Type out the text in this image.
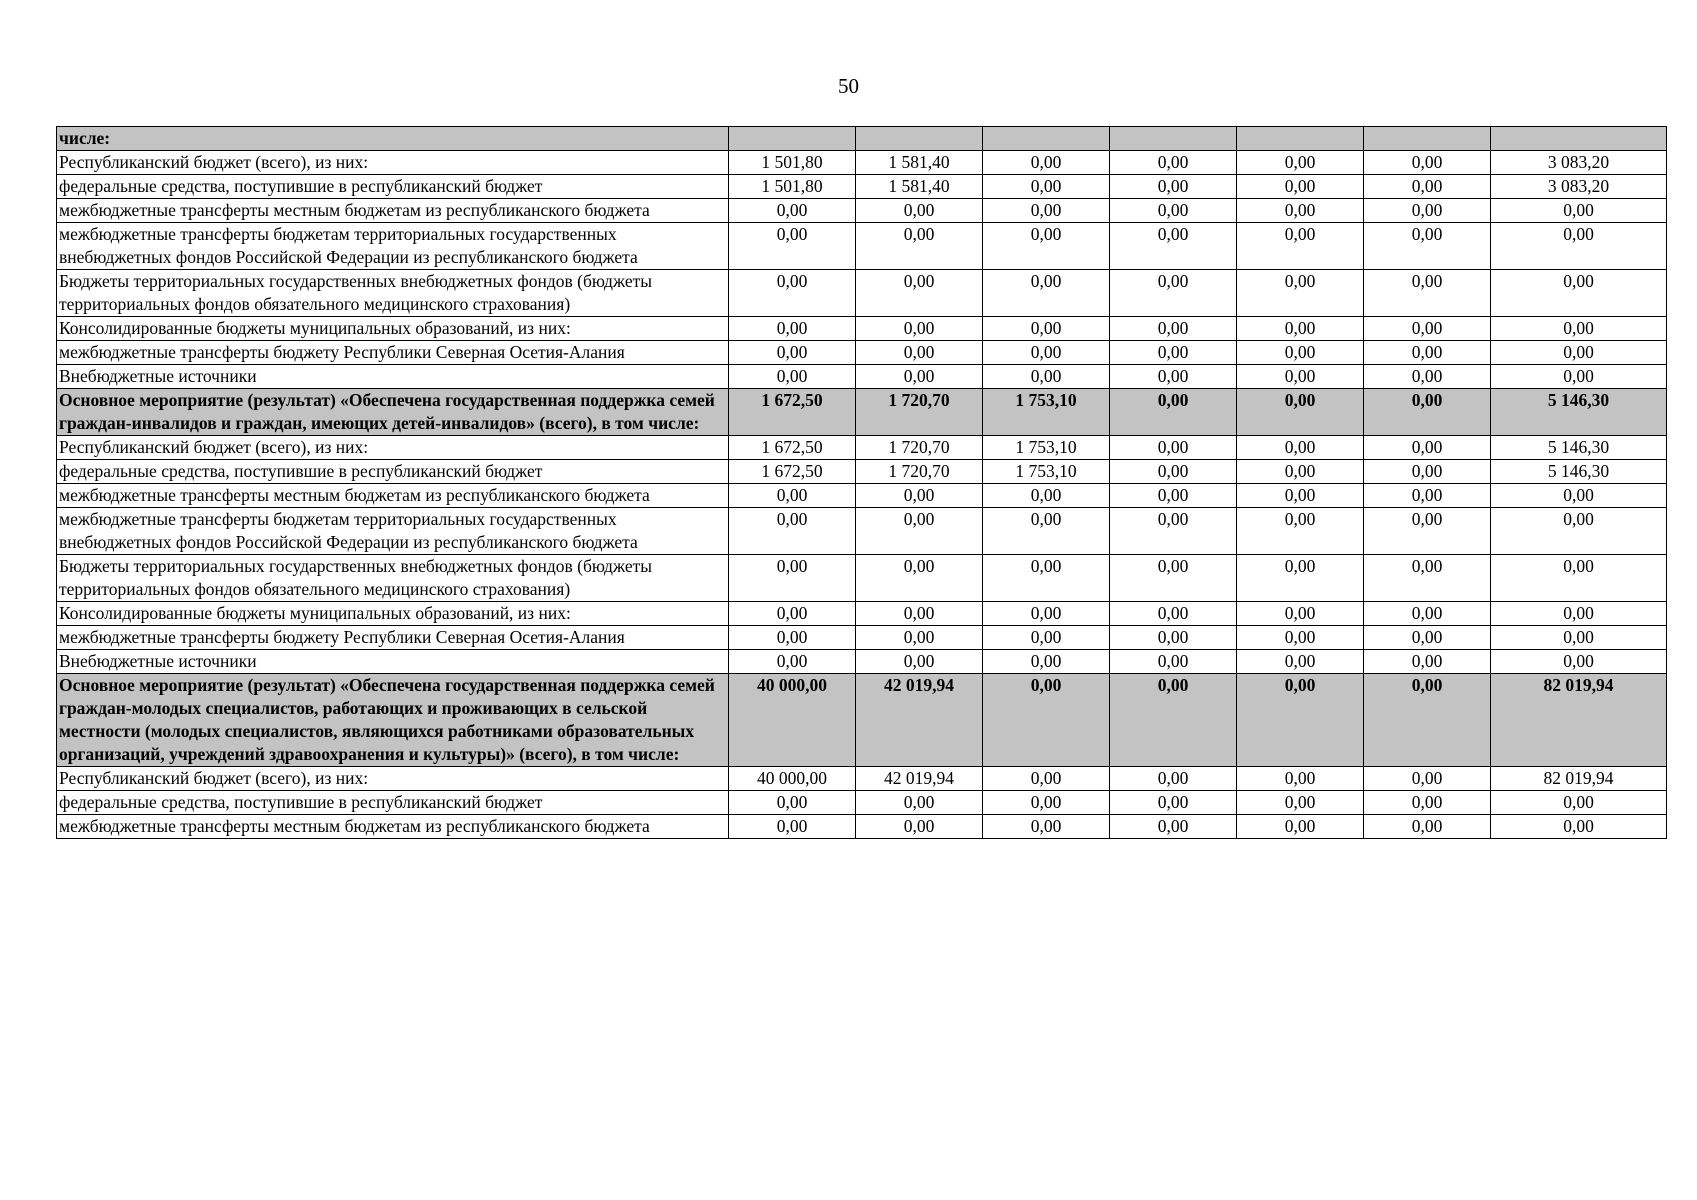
50
числе:							
Республиканский бюджет (всего), из них:	1 501,80	1 581,40	0,00	0,00	0,00	0,00	3 083,20
федеральные средства, поступившие в республиканский бюджет	1 501,80	1 581,40	0,00	0,00	0,00	0,00	3 083,20
межбюджетные трансферты местным бюджетам из республиканского бюджета	0,00	0,00	0,00	0,00	0,00	0,00	0,00
межбюджетные трансферты бюджетам территориальных государственных внебюджетных фондов Российской Федерации из республиканского бюджета	0,00	0,00	0,00	0,00	0,00	0,00	0,00
Бюджеты территориальных государственных внебюджетных фондов (бюджеты территориальных фондов обязательного медицинского страхования)	0,00	0,00	0,00	0,00	0,00	0,00	0,00
Консолидированные бюджеты муниципальных образований, из них:	0,00	0,00	0,00	0,00	0,00	0,00	0,00
межбюджетные трансферты бюджету Республики Северная Осетия-Алания	0,00	0,00	0,00	0,00	0,00	0,00	0,00
Внебюджетные источники	0,00	0,00	0,00	0,00	0,00	0,00	0,00
Основное мероприятие (результат) «Обеспечена государственная поддержка семей граждан-инвалидов и граждан, имеющих детей-инвалидов» (всего), в том числе:	1 672,50	1 720,70	1 753,10	0,00	0,00	0,00	5 146,30
Республиканский бюджет (всего), из них:	1 672,50	1 720,70	1 753,10	0,00	0,00	0,00	5 146,30
федеральные средства, поступившие в республиканский бюджет	1 672,50	1 720,70	1 753,10	0,00	0,00	0,00	5 146,30
межбюджетные трансферты местным бюджетам из республиканского бюджета	0,00	0,00	0,00	0,00	0,00	0,00	0,00
межбюджетные трансферты бюджетам территориальных государственных внебюджетных фондов Российской Федерации из республиканского бюджета	0,00	0,00	0,00	0,00	0,00	0,00	0,00
Бюджеты территориальных государственных внебюджетных фондов (бюджеты территориальных фондов обязательного медицинского страхования)	0,00	0,00	0,00	0,00	0,00	0,00	0,00
Консолидированные бюджеты муниципальных образований, из них:	0,00	0,00	0,00	0,00	0,00	0,00	0,00
межбюджетные трансферты бюджету Республики Северная Осетия-Алания	0,00	0,00	0,00	0,00	0,00	0,00	0,00
Внебюджетные источники	0,00	0,00	0,00	0,00	0,00	0,00	0,00
Основное мероприятие (результат) «Обеспечена государственная поддержка семей граждан-молодых специалистов, работающих и проживающих в сельской местности (молодых специалистов, являющихся работниками образовательных организаций, учреждений здравоохранения и культуры)» (всего), в том числе:	40 000,00	42 019,94	0,00	0,00	0,00	0,00	82 019,94
Республиканский бюджет (всего), из них:	40 000,00	42 019,94	0,00	0,00	0,00	0,00	82 019,94
федеральные средства, поступившие в республиканский бюджет	0,00	0,00	0,00	0,00	0,00	0,00	0,00
межбюджетные трансферты местным бюджетам из республиканского бюджета	0,00	0,00	0,00	0,00	0,00	0,00	0,00
